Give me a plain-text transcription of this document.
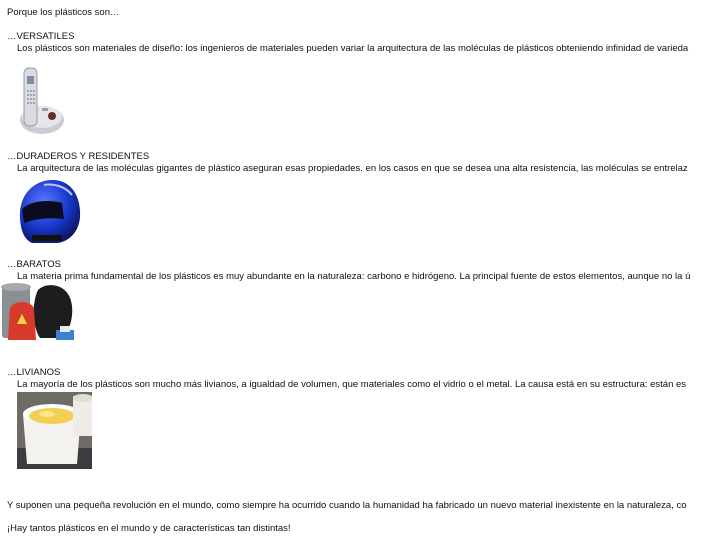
Porque los plásticos son…
…VERSATILES
Los plásticos son materiales de diseño: los ingenieros de materiales pueden variar la arquitectura de las moléculas de plásticos obteniendo infinidad de varieda
…DURADEROS Y RESIDENTES
La arquitectura de las moléculas gigantes de plástico aseguran esas propiedades. en los casos en que se desea una alta resistencia, las moléculas se entrelaz
…BARATOS
La materia prima fundamental de los plásticos es muy abundante en la naturaleza: carbono e hidrógeno. La principal fuente de estos elementos, aunque no la ú
…LIVIANOS
La mayoría de los plásticos son mucho más livianos, a igualdad de volumen, que materiales como el vidrio o el metal. La causa está en su estructura: están es
Y suponen una pequeña revolución en el mundo, como siempre ha ocurrido cuando la humanidad ha fabricado un nuevo material inexistente en la naturaleza, co
¡Hay tantos plásticos en el mundo y de características tan distintas!
